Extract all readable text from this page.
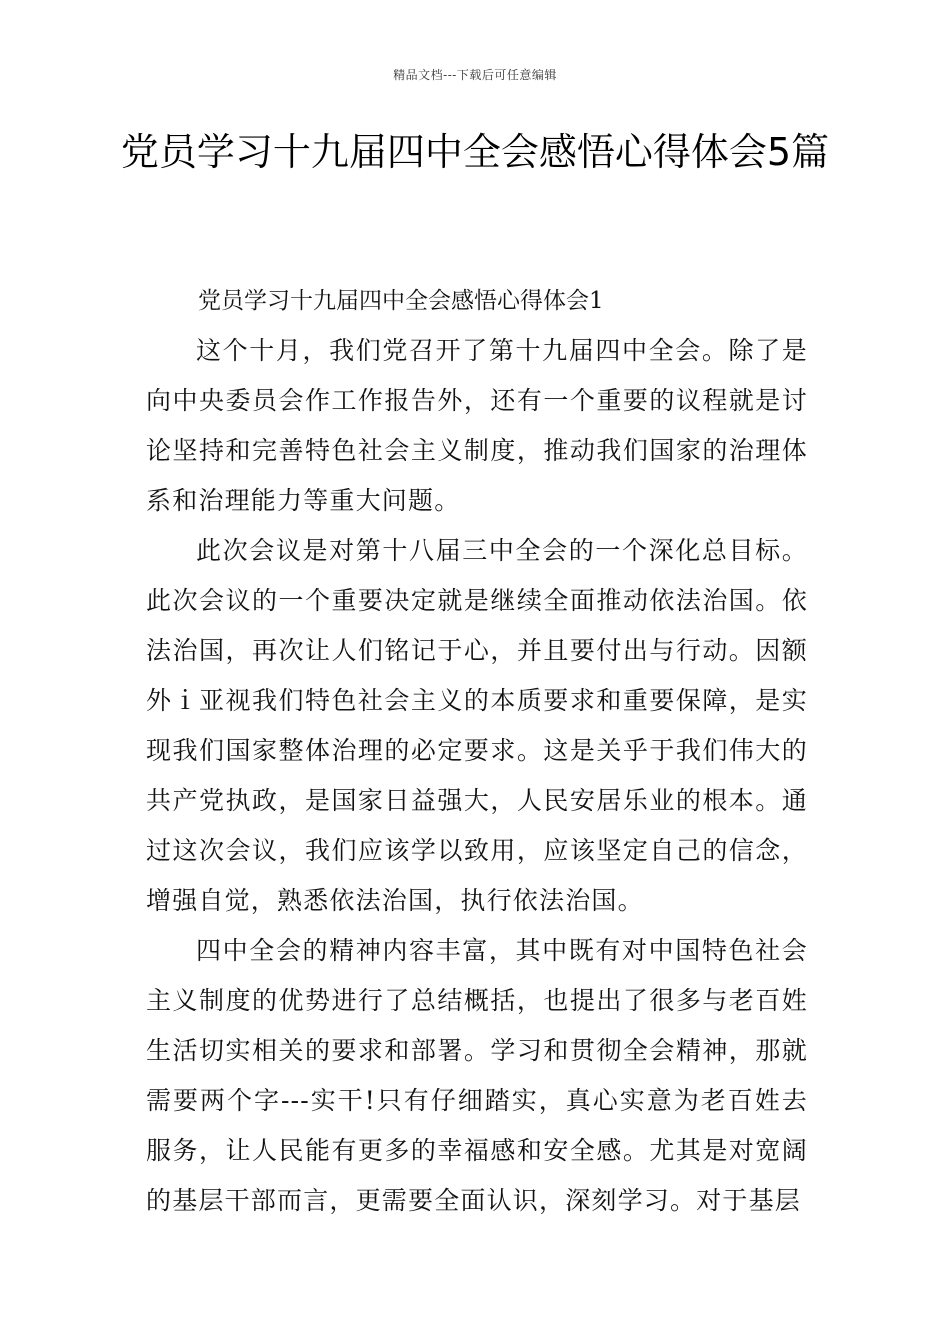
精品文档---下载后可任意编辑
党员学习十九届四中全会感悟心得体会5篇

党员学习十九届四中全会感悟心得体会1

这个十月，我们党召开了第十九届四中全会。除了是向中央委员会作工作报告外，还有一个重要的议程就是讨论坚持和完善特色社会主义制度，推动我们国家的治理体系和治理能力等重大问题。

此次会议是对第十八届三中全会的一个深化总目标。此次会议的一个重要决定就是继续全面推动依法治国。依法治国，再次让人们铭记于心，并且要付出与行动。因额外ｉ亚视我们特色社会主义的本质要求和重要保障，是实现我们国家整体治理的必定要求。这是关乎于我们伟大的共产党执政，是国家日益强大，人民安居乐业的根本。通过这次会议，我们应该学以致用，应该坚定自己的信念，增强自觉，熟悉依法治国，执行依法治国。

四中全会的精神内容丰富，其中既有对中国特色社会主义制度的优势进行了总结概括，也提出了很多与老百姓生活切实相关的要求和部署。学习和贯彻全会精神，那就需要两个字---实干!只有仔细踏实，真心实意为老百姓去服务，让人民能有更多的幸福感和安全感。尤其是对宽阔的基层干部而言，更需要全面认识，深刻学习。对于基层
